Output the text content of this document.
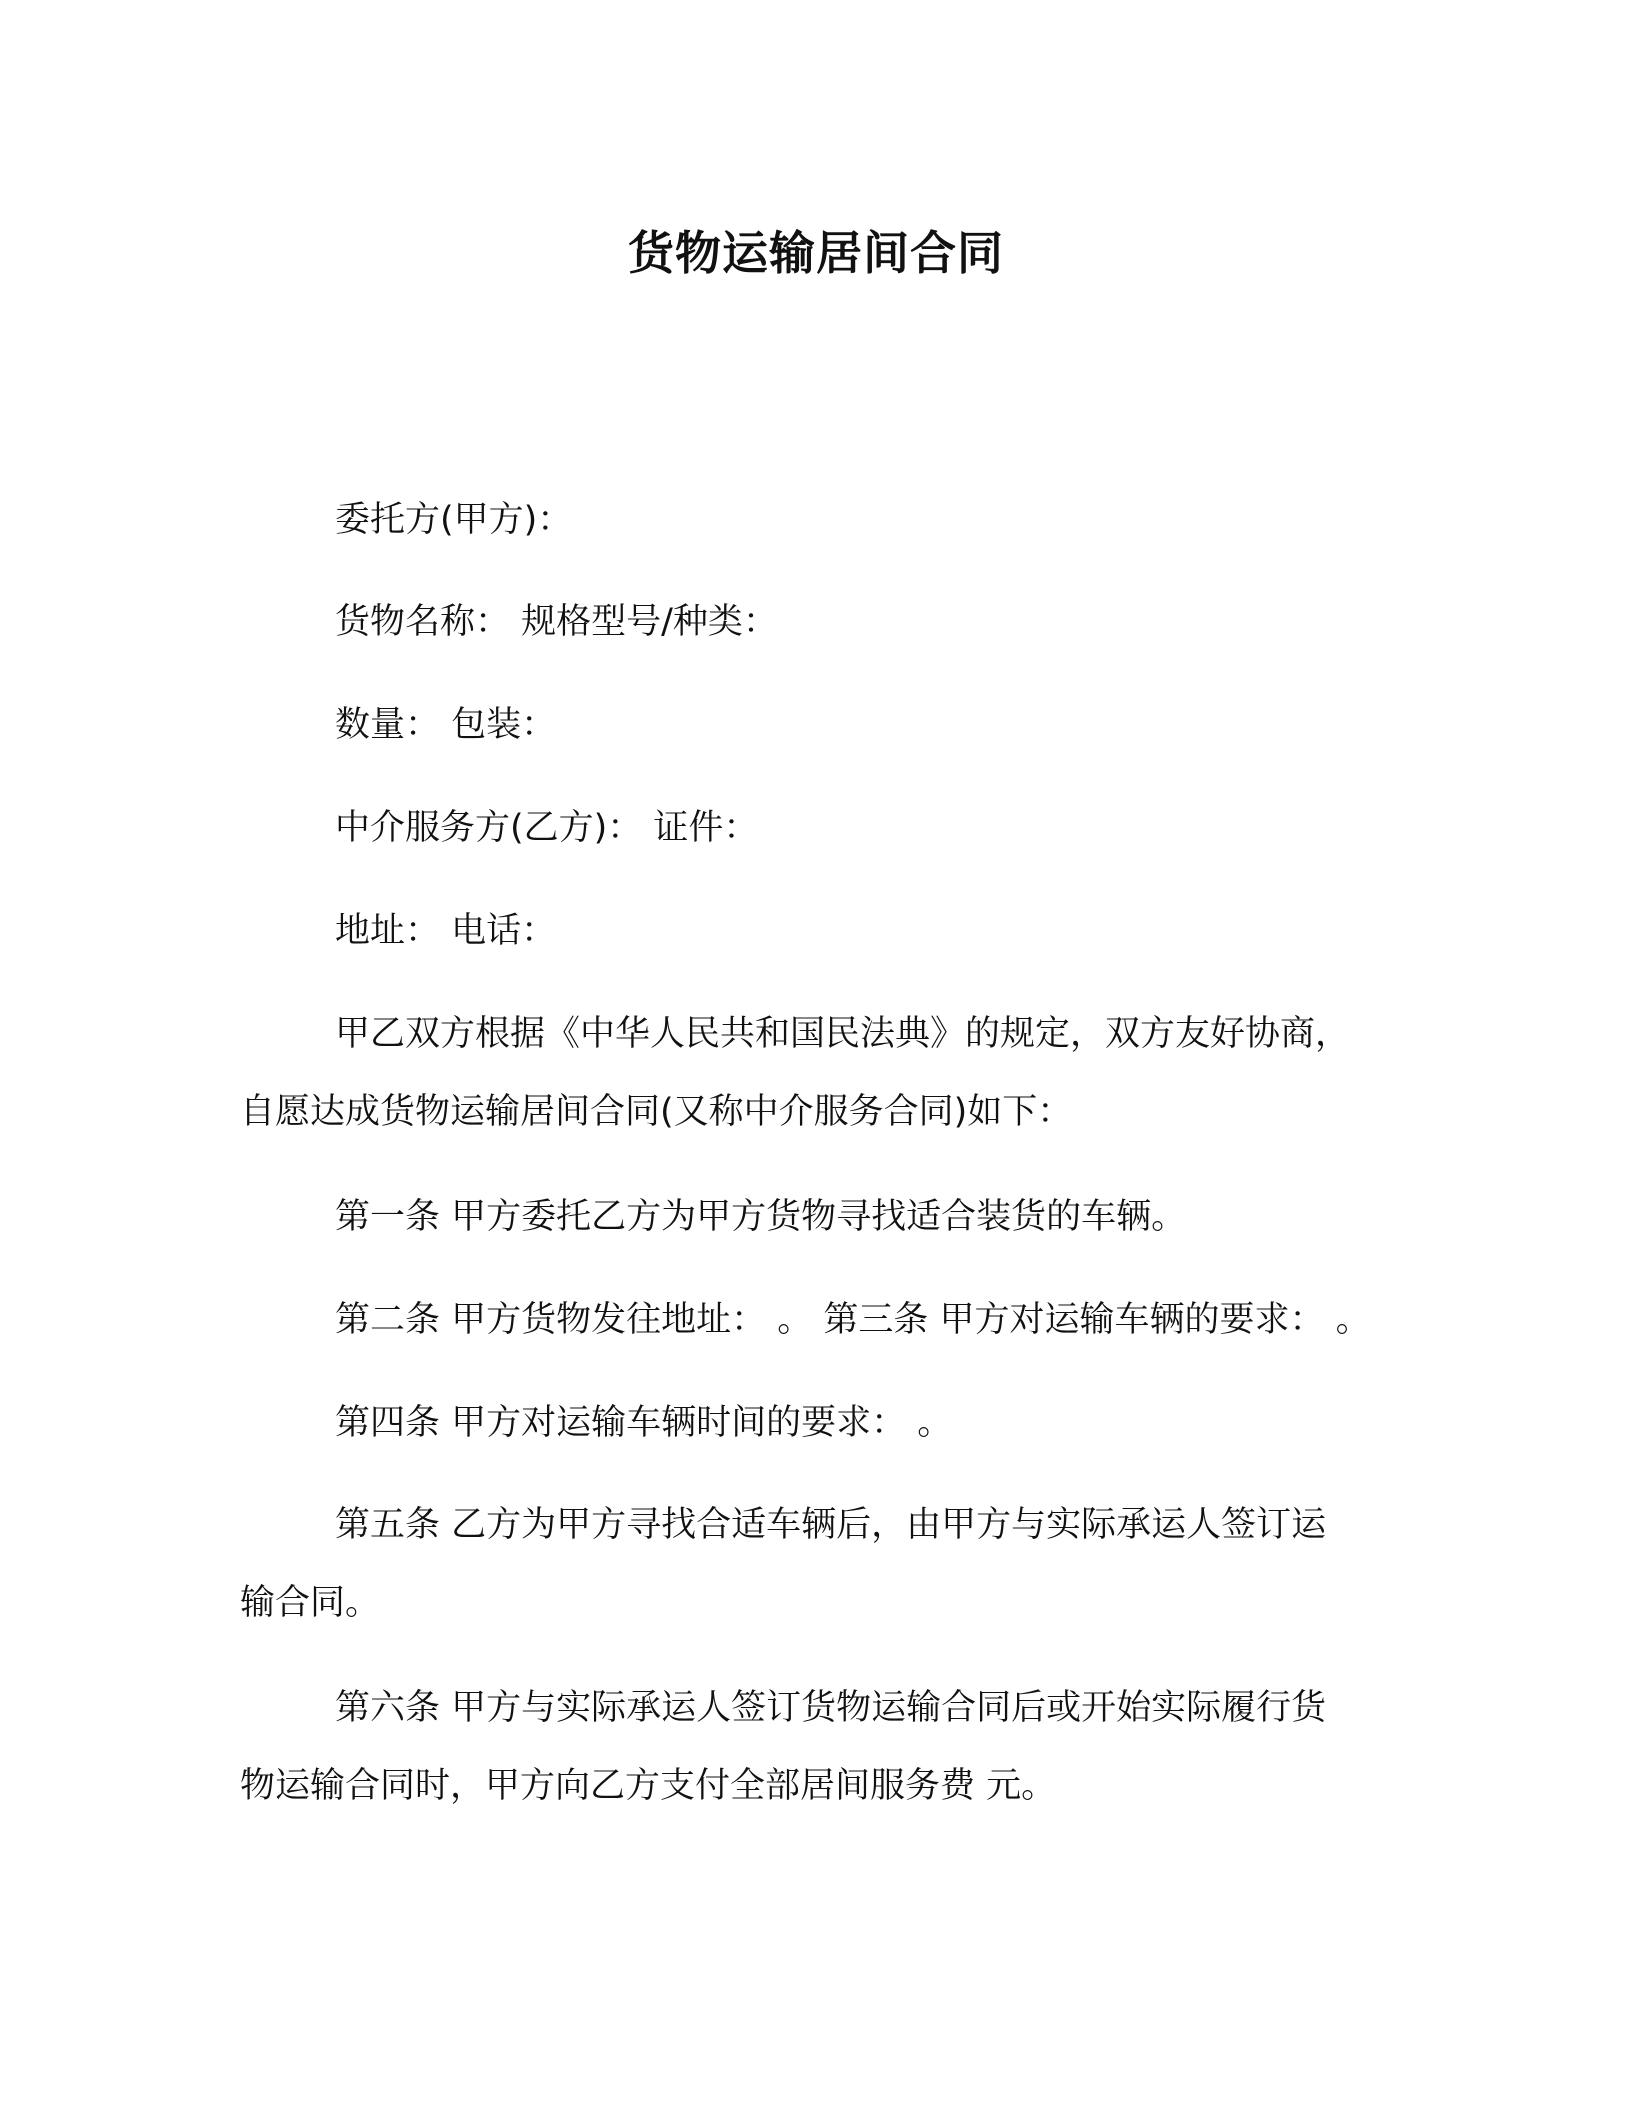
货物运输居间合同
委托方(甲方)：
货物名称： 规格型号/种类：
数量： 包装：
中介服务方(乙方)： 证件：
地址： 电话：
甲乙双方根据《中华人民共和国民法典》的规定，双方友好协商，
自愿达成货物运输居间合同(又称中介服务合同)如下：
第一条 甲方委托乙方为甲方货物寻找适合装货的车辆。
第二条 甲方货物发往地址： 。 第三条 甲方对运输车辆的要求： 。
第四条 甲方对运输车辆时间的要求： 。
第五条 乙方为甲方寻找合适车辆后，由甲方与实际承运人签订运
输合同。
第六条 甲方与实际承运人签订货物运输合同后或开始实际履行货
物运输合同时，甲方向乙方支付全部居间服务费 元。
